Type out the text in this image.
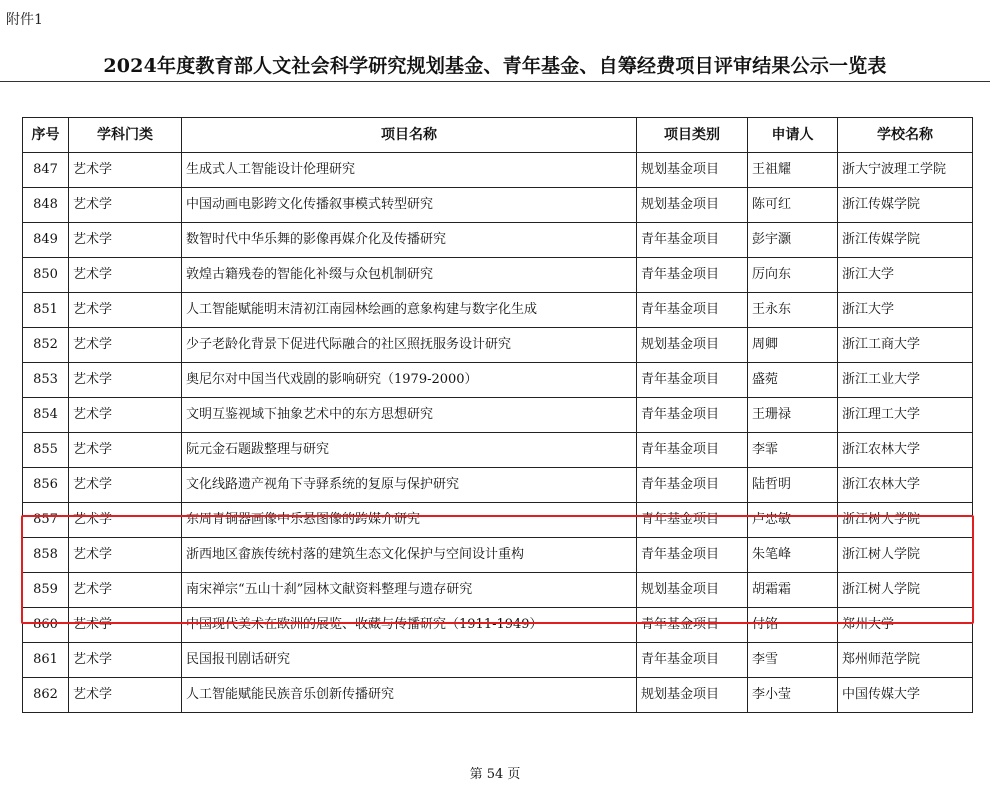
附件1
2024年度教育部人文社会科学研究规划基金、青年基金、自筹经费项目评审结果公示一览表
序号	学科门类	项目名称	项目类别	申请人	学校名称
847	艺术学	生成式人工智能设计伦理研究	规划基金项目	王祖耀	浙大宁波理工学院
848	艺术学	中国动画电影跨文化传播叙事模式转型研究	规划基金项目	陈可红	浙江传媒学院
849	艺术学	数智时代中华乐舞的影像再媒介化及传播研究	青年基金项目	彭宇灏	浙江传媒学院
850	艺术学	敦煌古籍残卷的智能化补缀与众包机制研究	青年基金项目	厉向东	浙江大学
851	艺术学	人工智能赋能明末清初江南园林绘画的意象构建与数字化生成	青年基金项目	王永东	浙江大学
852	艺术学	少子老龄化背景下促进代际融合的社区照抚服务设计研究	规划基金项目	周卿	浙江工商大学
853	艺术学	奥尼尔对中国当代戏剧的影响研究（1979-2000）	青年基金项目	盛菀	浙江工业大学
854	艺术学	文明互鉴视域下抽象艺术中的东方思想研究	青年基金项目	王珊禄	浙江理工大学
855	艺术学	阮元金石题跋整理与研究	青年基金项目	李霏	浙江农林大学
856	艺术学	文化线路遗产视角下寺驿系统的复原与保护研究	青年基金项目	陆哲明	浙江农林大学
857	艺术学	东周青铜器画像中乐悬图像的跨媒介研究	青年基金项目	卢忠敏	浙江树人学院
858	艺术学	浙西地区畲族传统村落的建筑生态文化保护与空间设计重构	青年基金项目	朱笔峰	浙江树人学院
859	艺术学	南宋禅宗“五山十刹”园林文献资料整理与遗存研究	规划基金项目	胡霜霜	浙江树人学院
860	艺术学	中国现代美术在欧洲的展览、收藏与传播研究（1911-1949）	青年基金项目	付铭	郑州大学
861	艺术学	民国报刊剧话研究	青年基金项目	李雪	郑州师范学院
862	艺术学	人工智能赋能民族音乐创新传播研究	规划基金项目	李小莹	中国传媒大学
第 54 页
